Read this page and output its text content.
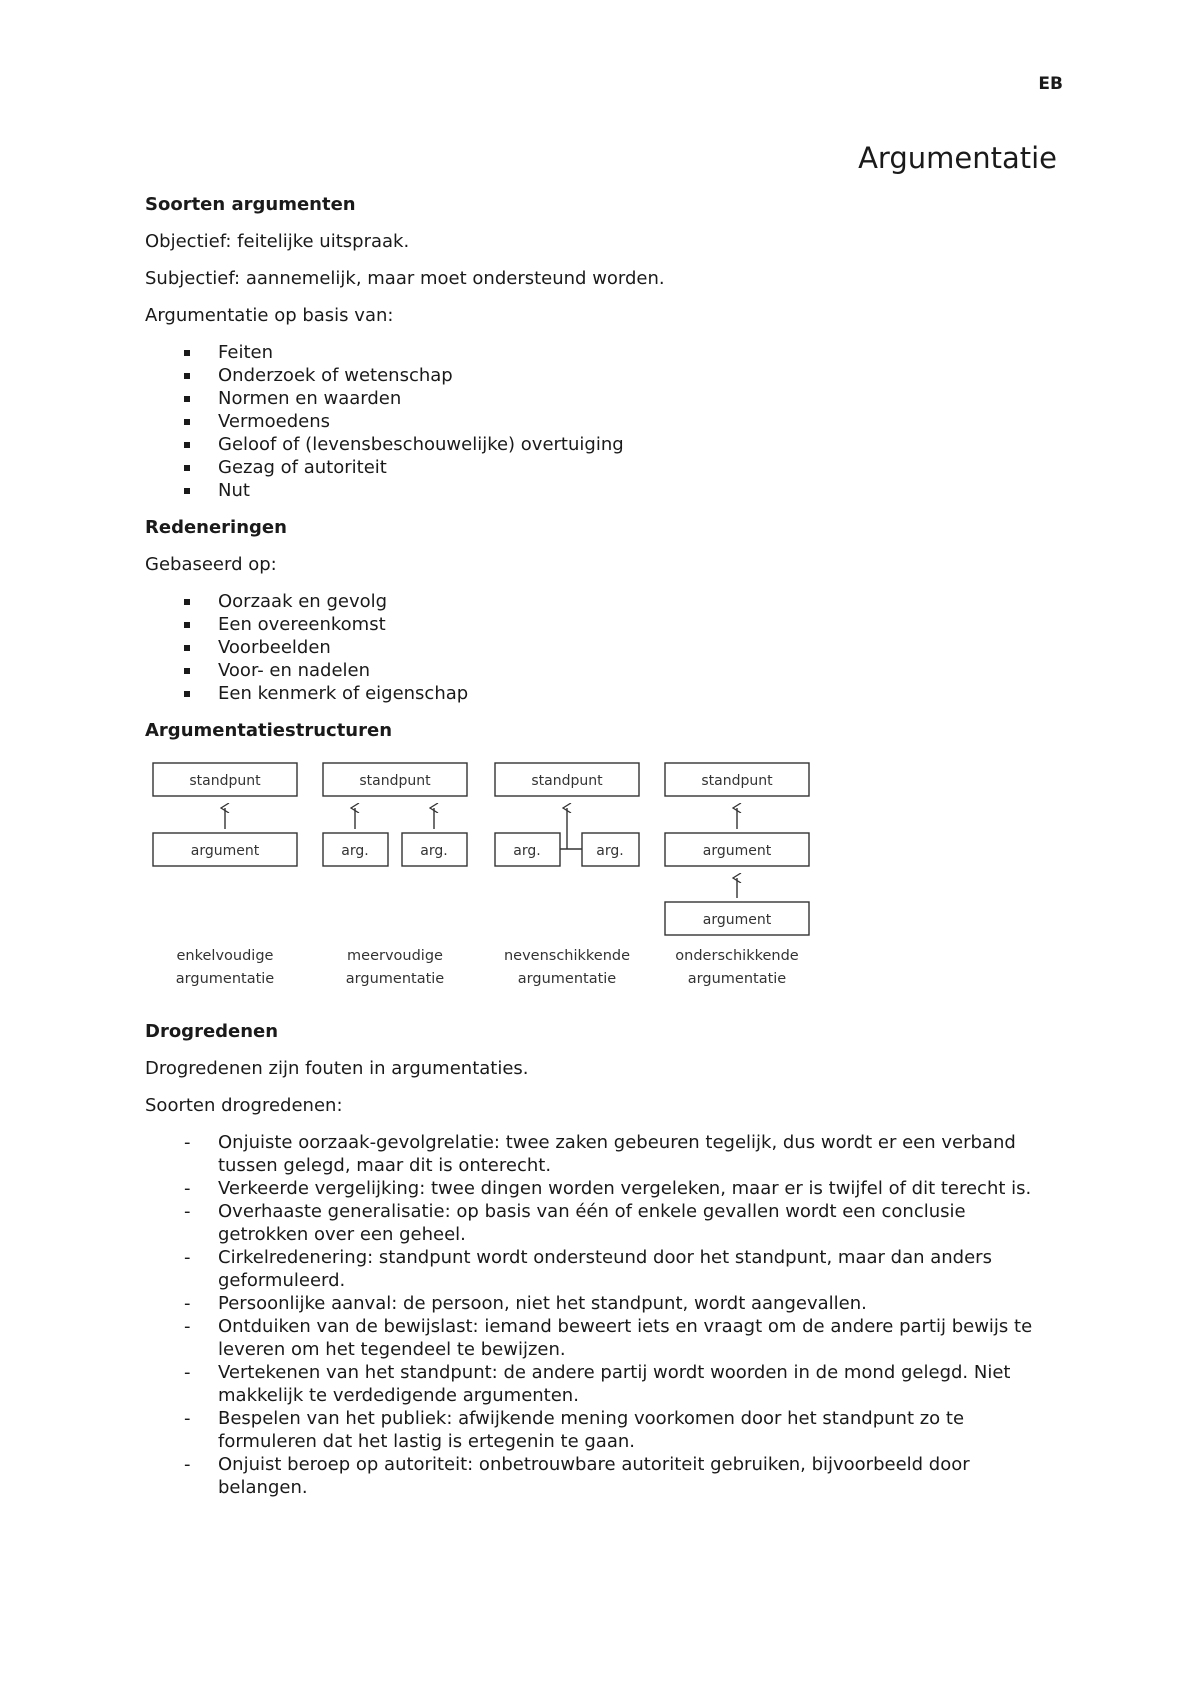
EB
Argumentatie
Soorten argumenten

Objectief: feitelijke uitspraak.

Subjectief: aannemelijk, maar moet ondersteund worden.

Argumentatie op basis van:

Feiten
Onderzoek of wetenschap
Normen en waarden
Vermoedens
Geloof of (levensbeschouwelijke) overtuiging
Gezag of autoriteit
Nut
Redeneringen

Gebaseerd op:

Oorzaak en gevolg
Een overeenkomst
Voorbeelden
Voor- en nadelen
Een kenmerk of eigenschap
Argumentatiestructuren
standpunt
argument
standpunt
arg.	arg.
standpunt
arg.	arg.
standpunt
argument
argument
enkelvoudige
argumentatie
meervoudige
argumentatie
nevenschikkende
argumentatie
onderschikkende
argumentatie
Drogredenen

Drogredenen zijn fouten in argumentaties.

Soorten drogredenen:

- Onjuiste oorzaak-gevolgrelatie: twee zaken gebeuren tegelijk, dus wordt er een verband
tussen gelegd, maar dit is onterecht.
- Verkeerde vergelijking: twee dingen worden vergeleken, maar er is twijfel of dit terecht is.
- Overhaaste generalisatie: op basis van één of enkele gevallen wordt een conclusie
getrokken over een geheel.
- Cirkelredenering: standpunt wordt ondersteund door het standpunt, maar dan anders
geformuleerd.
- Persoonlijke aanval: de persoon, niet het standpunt, wordt aangevallen.
- Ontduiken van de bewijslast: iemand beweert iets en vraagt om de andere partij bewijs te
leveren om het tegendeel te bewijzen.
- Vertekenen van het standpunt: de andere partij wordt woorden in de mond gelegd. Niet
makkelijk te verdedigende argumenten.
- Bespelen van het publiek: afwijkende mening voorkomen door het standpunt zo te
formuleren dat het lastig is ertegenin te gaan.
- Onjuist beroep op autoriteit: onbetrouwbare autoriteit gebruiken, bijvoorbeeld door
belangen.
